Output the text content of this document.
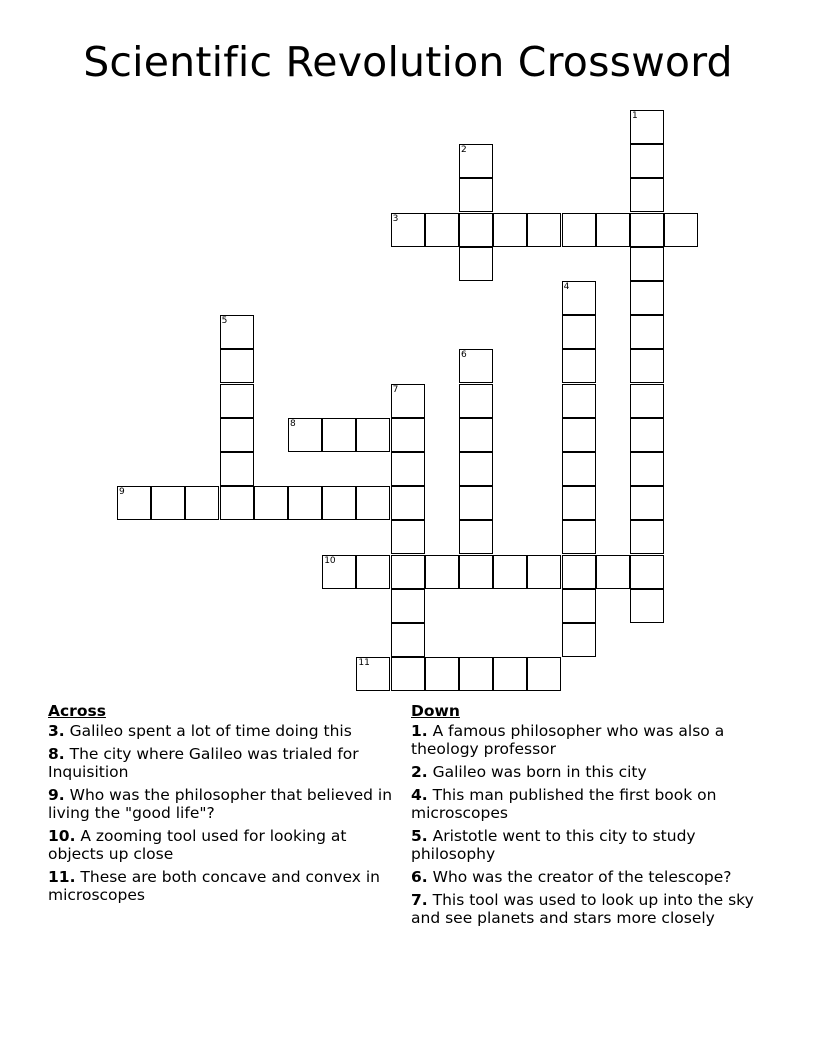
Scientific Revolution Crossword
1
2
3
4
5
6
7
8
9
10
11
Across
3. Galileo spent a lot of time doing this
8. The city where Galileo was trialed for Inquisition
9. Who was the philosopher that believed in living the "good life"?
10. A zooming tool used for looking at objects up close
11. These are both concave and convex in microscopes
Down
1. A famous philosopher who was also a theology professor
2. Galileo was born in this city
4. This man published the first book on microscopes
5. Aristotle went to this city to study philosophy
6. Who was the creator of the telescope?
7. This tool was used to look up into the sky and see planets and stars more closely
